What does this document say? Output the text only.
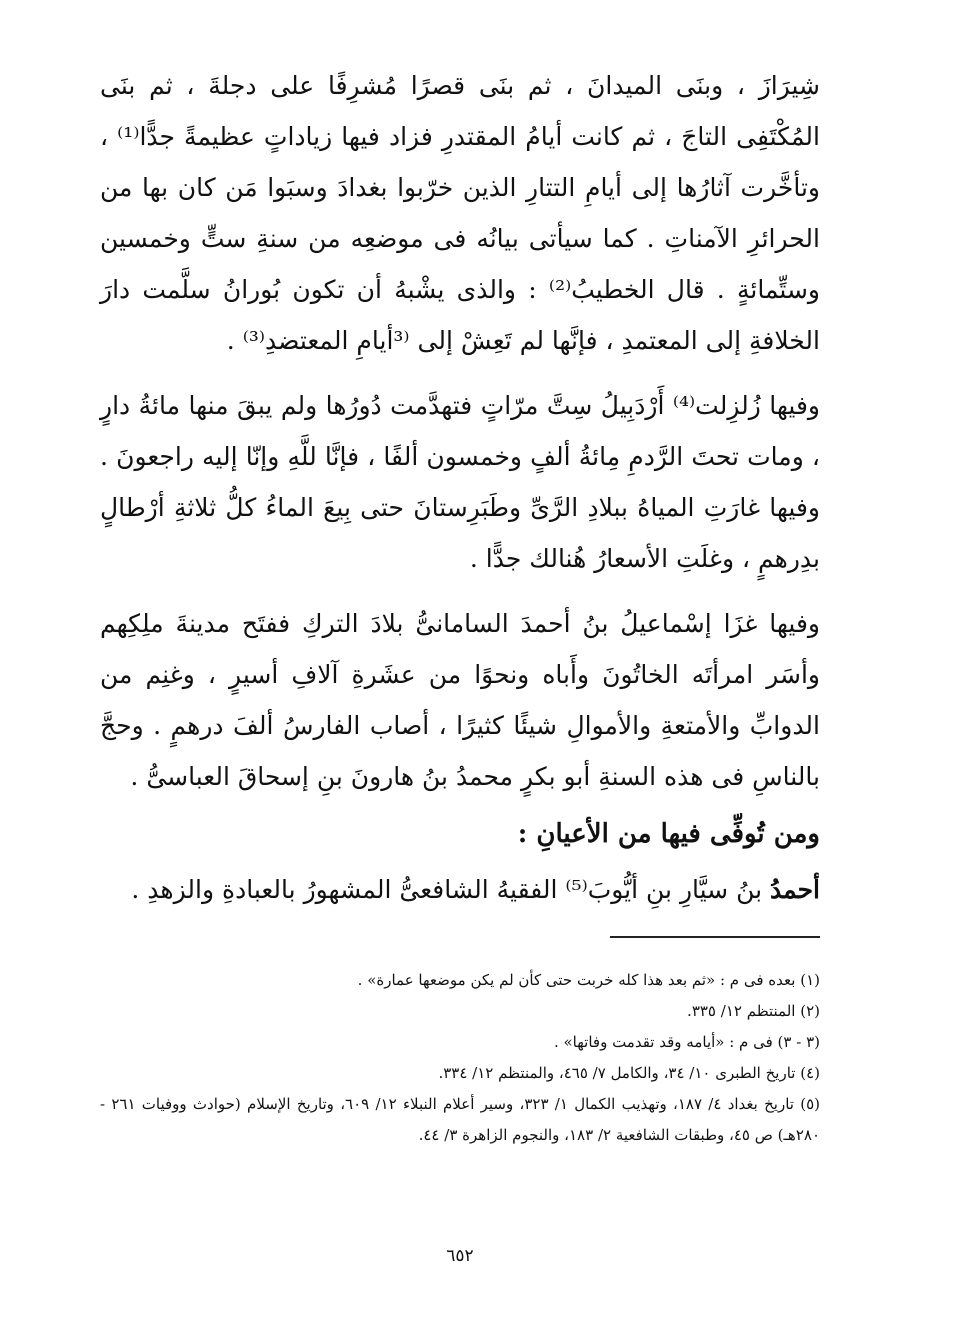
شِيرَازَ ، وبنَى الميدانَ ، ثم بنَى قصرًا مُشرِفًا على دجلةَ ، ثم بنَى المُكْتَفِى التاجَ ، ثم كانت أيامُ المقتدرِ فزاد فيها زياداتٍ عظيمةً جدًّا⁽¹⁾ ، وتأخَّرت آثارُها إلى أيامِ التتارِ الذين خرّبوا بغدادَ وسبَوا مَن كان بها من الحرائرِ الآمناتِ . كما سيأتى بيانُه فى موضعِه من سنةِ ستٍّ وخمسين وستِّمائةٍ . قال الخطيبُ⁽²⁾ : والذى يشْبهُ أن تكون بُورانُ سلَّمت دارَ الخلافةِ إلى المعتمدِ ، فإنَّها لم تَعِشْ إلى ⁽³أيامِ المعتضدِ⁽³⁾ .

وفيها زُلزِلت⁽⁴⁾ أَرْدَبِيلُ سِتَّ مرّاتٍ فتهدَّمت دُورُها ولم يبقَ منها مائةُ دارٍ ، ومات تحتَ الرَّدمِ مِائةُ ألفٍ وخمسون ألفًا ، فإنَّا للَّهِ وإنّا إليه راجعونَ . وفيها غارَتِ المياهُ ببلادِ الرَّىِّ وطَبَرِستانَ حتى بِيعَ الماءُ كلُّ ثلاثةِ أرْطالٍ بدِرهمٍ ، وغلَتِ الأسعارُ هُنالك جدًّا .

وفيها غزَا إسْماعيلُ بنُ أحمدَ السامانىُّ بلادَ التركِ ففتَح مدينةَ ملِكِهم وأسَر امرأتَه الخاتُونَ وأَباه ونحوًا من عشَرةِ آلافِ أسيرٍ ، وغنِم من الدوابِّ والأمتعةِ والأموالِ شيئًا كثيرًا ، أصاب الفارسُ ألفَ درهمٍ . وحجَّ بالناسِ فى هذه السنةِ أبو بكرٍ محمدُ بنُ هارونَ بنِ إسحاقَ العباسىُّ .

ومن تُوفِّى فيها من الأعيانِ :

أحمدُ بنُ سيَّارِ بنِ أيُّوبَ⁽⁵⁾ الفقيهُ الشافعىُّ المشهورُ بالعبادةِ والزهدِ .

(١) بعده فى م : «ثم بعد هذا كله خربت حتى كأن لم يكن موضعها عمارة» .

(٢) المنتظم ١٢/ ٣٣٥.

(٣ - ٣) فى م : «أيامه وقد تقدمت وفاتها» .

(٤) تاريخ الطبرى ١٠/ ٣٤، والكامل ٧/ ٤٦٥، والمنتظم ١٢/ ٣٣٤.

(٥) تاريخ بغداد ٤/ ١٨٧، وتهذيب الكمال ١/ ٣٢٣، وسير أعلام النبلاء ١٢/ ٦٠٩، وتاريخ الإسلام (حوادث ووفيات ٢٦١ - ٢٨٠هـ) ص ٤٥، وطبقات الشافعية ٢/ ١٨٣، والنجوم الزاهرة ٣/ ٤٤.

٦٥٢
